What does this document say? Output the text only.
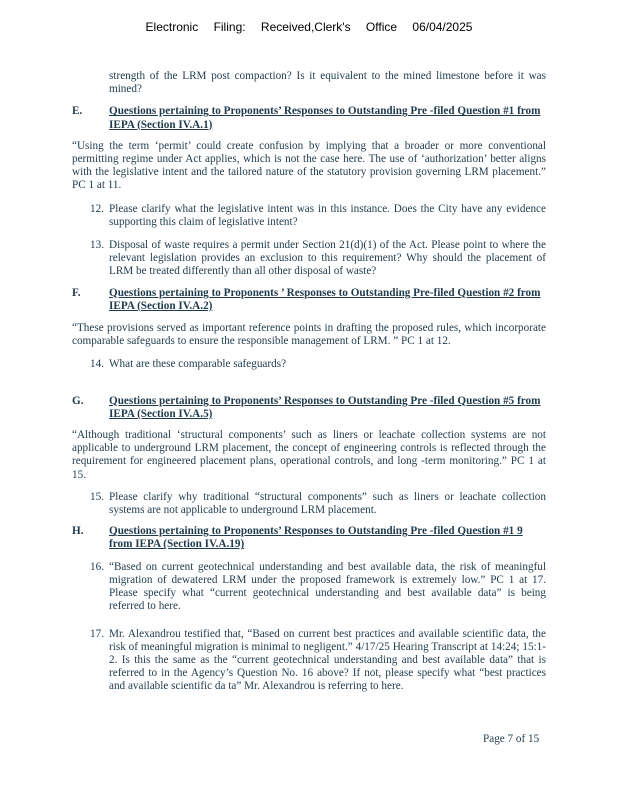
Electronic Filing: Received,Clerk's Office 06/04/2025

strength of the LRM post compaction? Is it equivalent to the mined limestone before it was mined?

E.	Questions pertaining to Proponents’ Responses to Outstanding Pre -filed Question #1 from IEPA (Section IV.A.1)

“Using the term ‘permit’ could create confusion by implying that a broader or more conventional permitting regime under Act applies, which is not the case here. The use of ‘authorization’ better aligns with the legislative intent and the tailored nature of the statutory provision governing LRM placement.” PC 1 at 11.

12. Please clarify what the legislative intent was in this instance. Does the City have any evidence supporting this claim of legislative intent?
13. Disposal of waste requires a permit under Section 21(d)(1) of the Act. Please point to where the relevant legislation provides an exclusion to this requirement? Why should the placement of LRM be treated differently than all other disposal of waste?
F.	Questions pertaining to Proponents ’ Responses to Outstanding Pre-filed Question #2 from IEPA (Section IV.A.2)

“These provisions served as important reference points in drafting the proposed rules, which incorporate comparable safeguards to ensure the responsible management of LRM. ” PC 1 at 12.

14. What are these comparable safeguards?
G.	Questions pertaining to Proponents’ Responses to Outstanding Pre -filed Question #5 from IEPA (Section IV.A.5)

“Although traditional ‘structural components’ such as liners or leachate collection systems are not applicable to underground LRM placement, the concept of engineering controls is reflected through the requirement for engineered placement plans, operational controls, and long -term monitoring.” PC 1 at 15.

15. Please clarify why traditional “structural components” such as liners or leachate collection systems are not applicable to underground LRM placement.
H.	Questions pertaining to Proponents’ Responses to Outstanding Pre -filed Question #1 9 from IEPA (Section IV.A.19)
16. “Based on current geotechnical understanding and best available data, the risk of meaningful migration of dewatered LRM under the proposed framework is extremely low.” PC 1 at 17. Please specify what “current geotechnical understanding and best available data” is being referred to here.
17. Mr. Alexandrou testified that, “Based on current best practices and available scientific data, the risk of meaningful migration is minimal to negligent.” 4/17/25 Hearing Transcript at 14:24; 15:1-2. Is this the same as the “current geotechnical understanding and best available data” that is referred to in the Agency’s Question No. 16 above? If not, please specify what “best practices and available scientific da ta” Mr. Alexandrou is referring to here.
Page 7 of 15
